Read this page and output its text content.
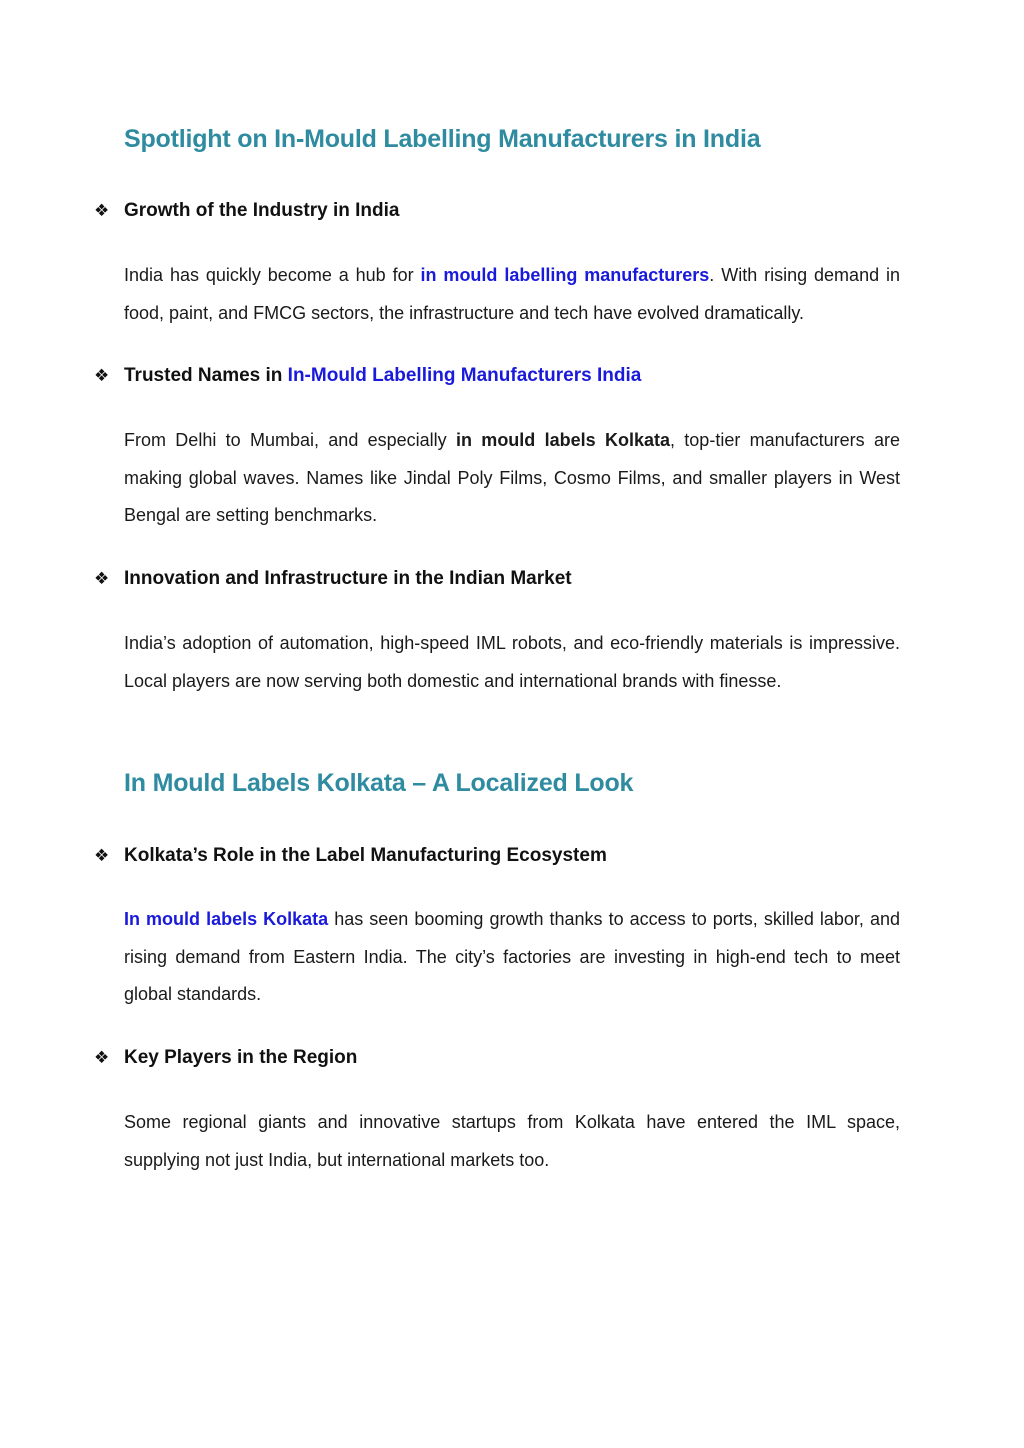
Spotlight on In-Mould Labelling Manufacturers in India

❖ Growth of the Industry in India

India has quickly become a hub for in mould labelling manufacturers. With rising demand in food, paint, and FMCG sectors, the infrastructure and tech have evolved dramatically.

❖ Trusted Names in In-Mould Labelling Manufacturers India

From Delhi to Mumbai, and especially in mould labels Kolkata, top-tier manufacturers are making global waves. Names like Jindal Poly Films, Cosmo Films, and smaller players in West Bengal are setting benchmarks.

❖ Innovation and Infrastructure in the Indian Market

India’s adoption of automation, high-speed IML robots, and eco-friendly materials is impressive. Local players are now serving both domestic and international brands with finesse.

In Mould Labels Kolkata – A Localized Look

❖ Kolkata’s Role in the Label Manufacturing Ecosystem

In mould labels Kolkata has seen booming growth thanks to access to ports, skilled labor, and rising demand from Eastern India. The city’s factories are investing in high-end tech to meet global standards.

❖ Key Players in the Region

Some regional giants and innovative startups from Kolkata have entered the IML space, supplying not just India, but international markets too.
